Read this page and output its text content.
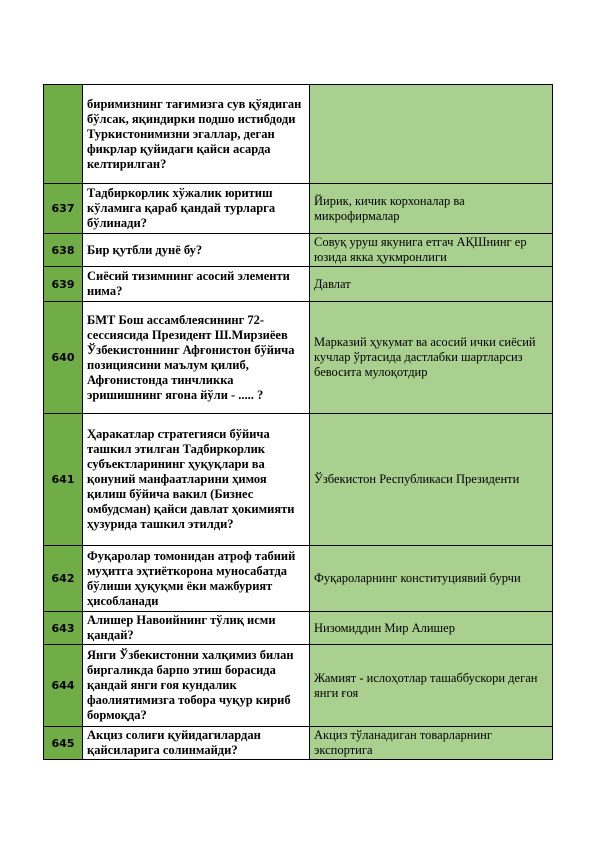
	биримизнинг тағимизга сув қўядиган бўлсак, яқиндирки подшо истибдоди Туркистонимизни эгаллар, деган фикрлар қуйидаги қайси асарда келтирилган?	
637	Тадбиркорлик хўжалик юритиш кўламига қараб қандай турларга бўлинади?	Йирик, кичик корхоналар ва микрофирмалар
638	Бир қутбли дунё бу?	Совуқ уруш якунига етгач АҚШнинг ер юзида якка ҳукмронлиги
639	Сиёсий тизимнинг асосий элементи нима?	Давлат
640	БМТ Бош ассамблеясининг 72-сессиясида Президент Ш.Мирзиёев Ўзбекистоннинг Афғонистон бўйича позициясини маълум қилиб, Афғонистонда тинчликка эришишнинг ягона йўли - ..... ?	Марказий ҳукумат ва асосий ички сиёсий кучлар ўртасида дастлабки шартларсиз бевосита мулоқотдир
641	Ҳаракатлар стратегияси бўйича ташкил этилган Тадбиркорлик субъектларининг ҳуқуқлари ва қонуний манфаатларини ҳимоя қилиш бўйича вакил (Бизнес омбудсман) қайси давлат ҳокимияти ҳузурида ташкил этилди?	Ўзбекистон Республикаси Президенти
642	Фуқаролар томонидан атроф табиий муҳитга эҳтиёткорона муносабатда бўлиши ҳуқуқми ёки мажбурият ҳисобланади	Фуқароларнинг конституциявий бурчи
643	Алишер Навоийнинг тўлиқ исми қандай?	Низомиддин Мир Алишер
644	Янги Ўзбекистонни халқимиз билан биргаликда барпо этиш борасида қандай янги ғоя кундалик фаолиятимизга тобора чуқур кириб бормоқда?	Жамият - ислоҳотлар ташаббускори деган янги ғоя
645	Акциз солиғи қуйидагилардан қайсиларига солинмайди?	Акциз тўланадиган товарларнинг экспортига
